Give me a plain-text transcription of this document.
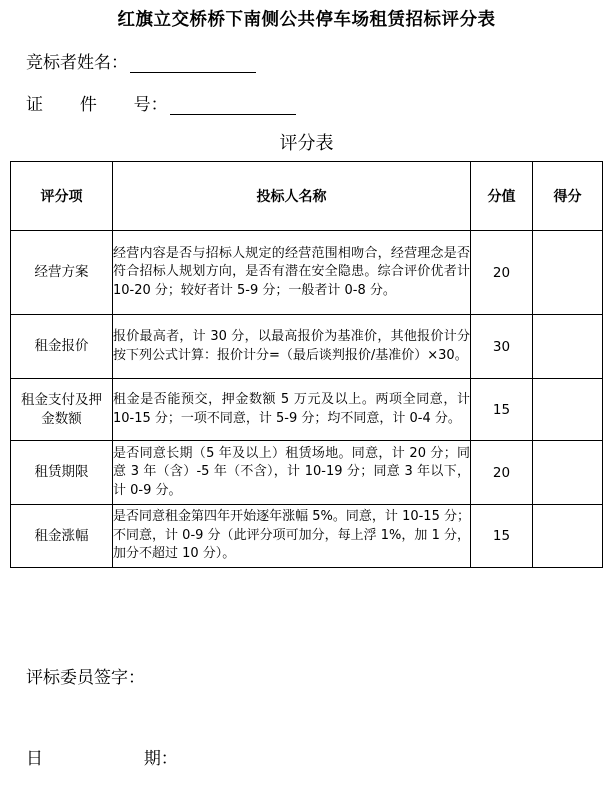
红旗立交桥桥下南侧公共停车场租赁招标评分表
竞标者姓名：
证 件 号：
评分表
评分项	投标人名称	分值	得分
经营方案	经营内容是否与招标人规定的经营范围相吻合，经营理念是否符合招标人规划方向，是否有潜在安全隐患。综合评价优者计 10-20 分；较好者计 5-9 分；一般者计 0-8 分。	20	
租金报价	报价最高者，计 30 分，以最高报价为基准价，其他报价计分按下列公式计算：报价计分=（最后谈判报价/基准价）×30。	30	
租金支付及押金数额	租金是否能预交，押金数额 5 万元及以上。两项全同意，计 10-15 分；一项不同意，计 5-9 分；均不同意，计 0-4 分。	15	
租赁期限	是否同意长期（5 年及以上）租赁场地。同意，计 20 分；同意 3 年（含）-5 年（不含），计 10-19 分；同意 3 年以下，计 0-9 分。	20	
租金涨幅	是否同意租金第四年开始逐年涨幅 5%。同意，计 10-15 分；不同意，计 0-9 分（此评分项可加分，每上浮 1%，加 1 分，加分不超过 10 分）。	15	
评标委员签字：
日	期：
